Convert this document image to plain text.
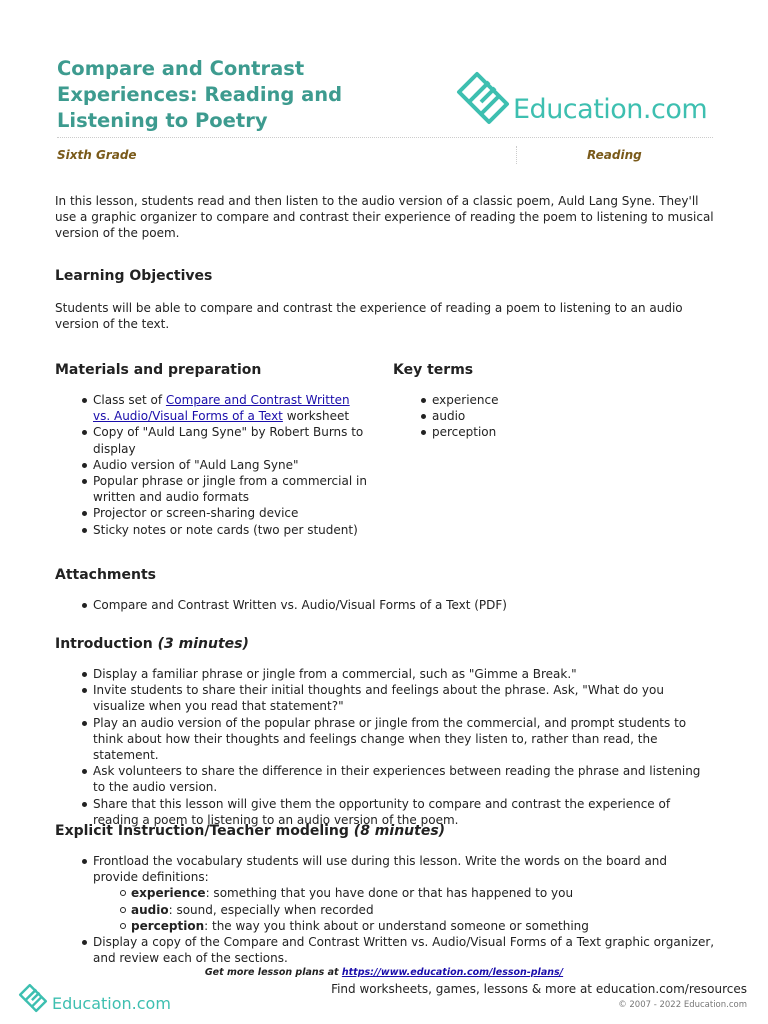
Compare and Contrast Experiences: Reading and Listening to Poetry	Education.com
Sixth Grade	Reading

In this lesson, students read and then listen to the audio version of a classic poem, Auld Lang Syne. They'll use a graphic organizer to compare and contrast their experience of reading the poem to listening to musical version of the poem.

Learning Objectives

Students will be able to compare and contrast the experience of reading a poem to listening to an audio version of the text.

Materials and preparation
Class set of Compare and Contrast Written vs. Audio/Visual Forms of a Text worksheet
Copy of "Auld Lang Syne" by Robert Burns to display
Audio version of "Auld Lang Syne"
Popular phrase or jingle from a commercial in written and audio formats
Projector or screen-sharing device
Sticky notes or note cards (two per student)
Key terms
experience
audio
perception
Attachments
Compare and Contrast Written vs. Audio/Visual Forms of a Text (PDF)
Introduction (3 minutes)
Display a familiar phrase or jingle from a commercial, such as "Gimme a Break."
Invite students to share their initial thoughts and feelings about the phrase. Ask, "What do you visualize when you read that statement?"
Play an audio version of the popular phrase or jingle from the commercial, and prompt students to think about how their thoughts and feelings change when they listen to, rather than read, the statement.
Ask volunteers to share the difference in their experiences between reading the phrase and listening to the audio version.
Share that this lesson will give them the opportunity to compare and contrast the experience of reading a poem to listening to an audio version of the poem.
Explicit Instruction/Teacher modeling (8 minutes)
Frontload the vocabulary students will use during this lesson. Write the words on the board and provide definitions:
experience: something that you have done or that has happened to you
audio: sound, especially when recorded
perception: the way you think about or understand someone or something
Display a copy of the Compare and Contrast Written vs. Audio/Visual Forms of a Text graphic organizer, and review each of the sections.
Get more lesson plans at https://www.education.com/lesson-plans/
Education.com
Find worksheets, games, lessons & more at education.com/resources
© 2007 - 2022 Education.com
